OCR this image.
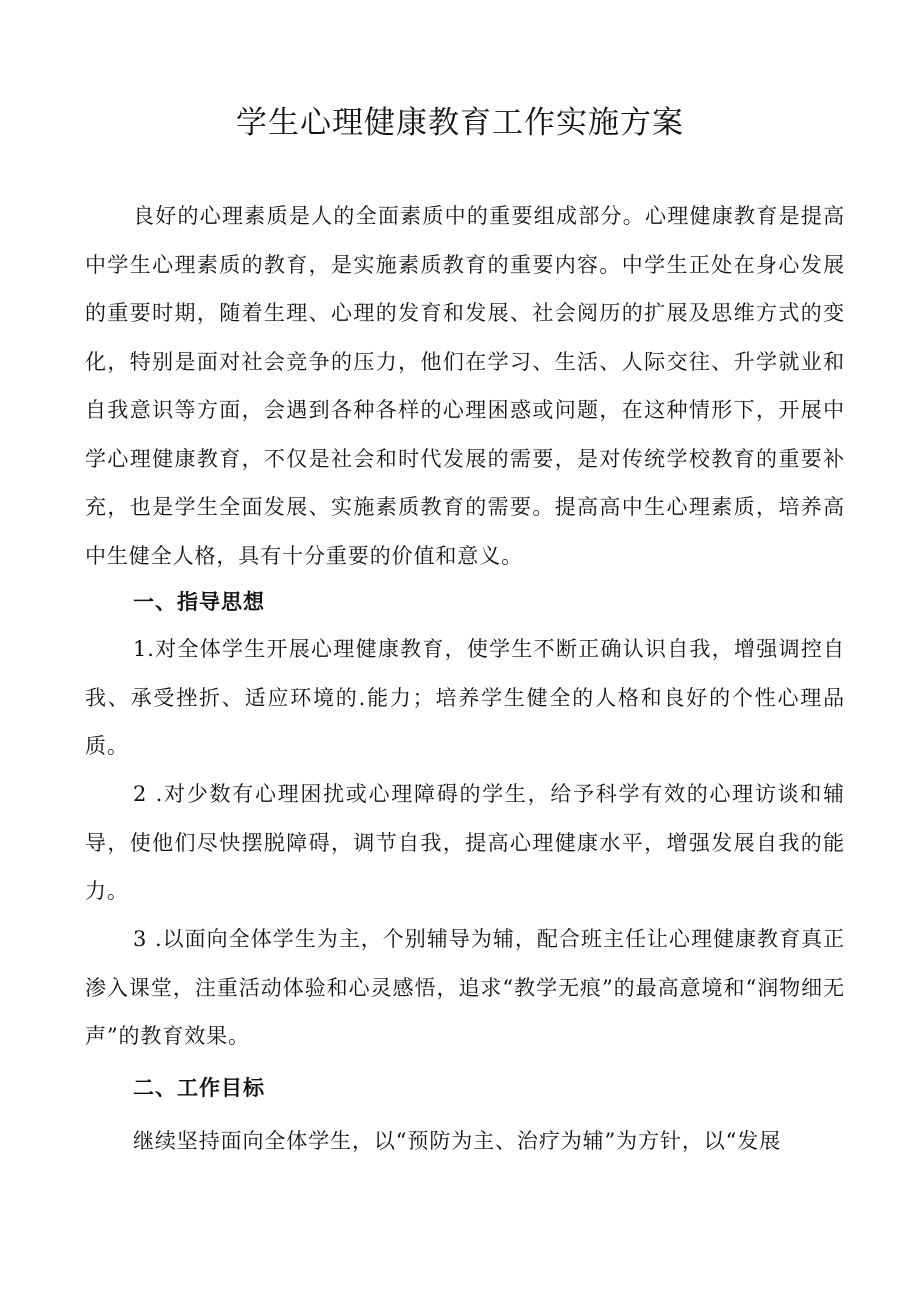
学生心理健康教育工作实施方案

良好的心理素质是人的全面素质中的重要组成部分。心理健康教育是提高中学生心理素质的教育，是实施素质教育的重要内容。中学生正处在身心发展的重要时期，随着生理、心理的发育和发展、社会阅历的扩展及思维方式的变化，特别是面对社会竞争的压力，他们在学习、生活、人际交往、升学就业和自我意识等方面，会遇到各种各样的心理困惑或问题，在这种情形下，开展中学心理健康教育，不仅是社会和时代发展的需要，是对传统学校教育的重要补充，也是学生全面发展、实施素质教育的需要。提高高中生心理素质，培养高中生健全人格，具有十分重要的价值和意义。

一、指导思想

1.对全体学生开展心理健康教育，使学生不断正确认识自我，增强调控自我、承受挫折、适应环境的.能力；培养学生健全的人格和良好的个性心理品质。

2 .对少数有心理困扰或心理障碍的学生，给予科学有效的心理访谈和辅导，使他们尽快摆脱障碍，调节自我，提高心理健康水平，增强发展自我的能力。

3 .以面向全体学生为主，个别辅导为辅，配合班主任让心理健康教育真正渗入课堂，注重活动体验和心灵感悟，追求“教学无痕”的最高意境和“润物细无声”的教育效果。

二、工作目标

继续坚持面向全体学生，以“预防为主、治疗为辅”为方针，以“发展
